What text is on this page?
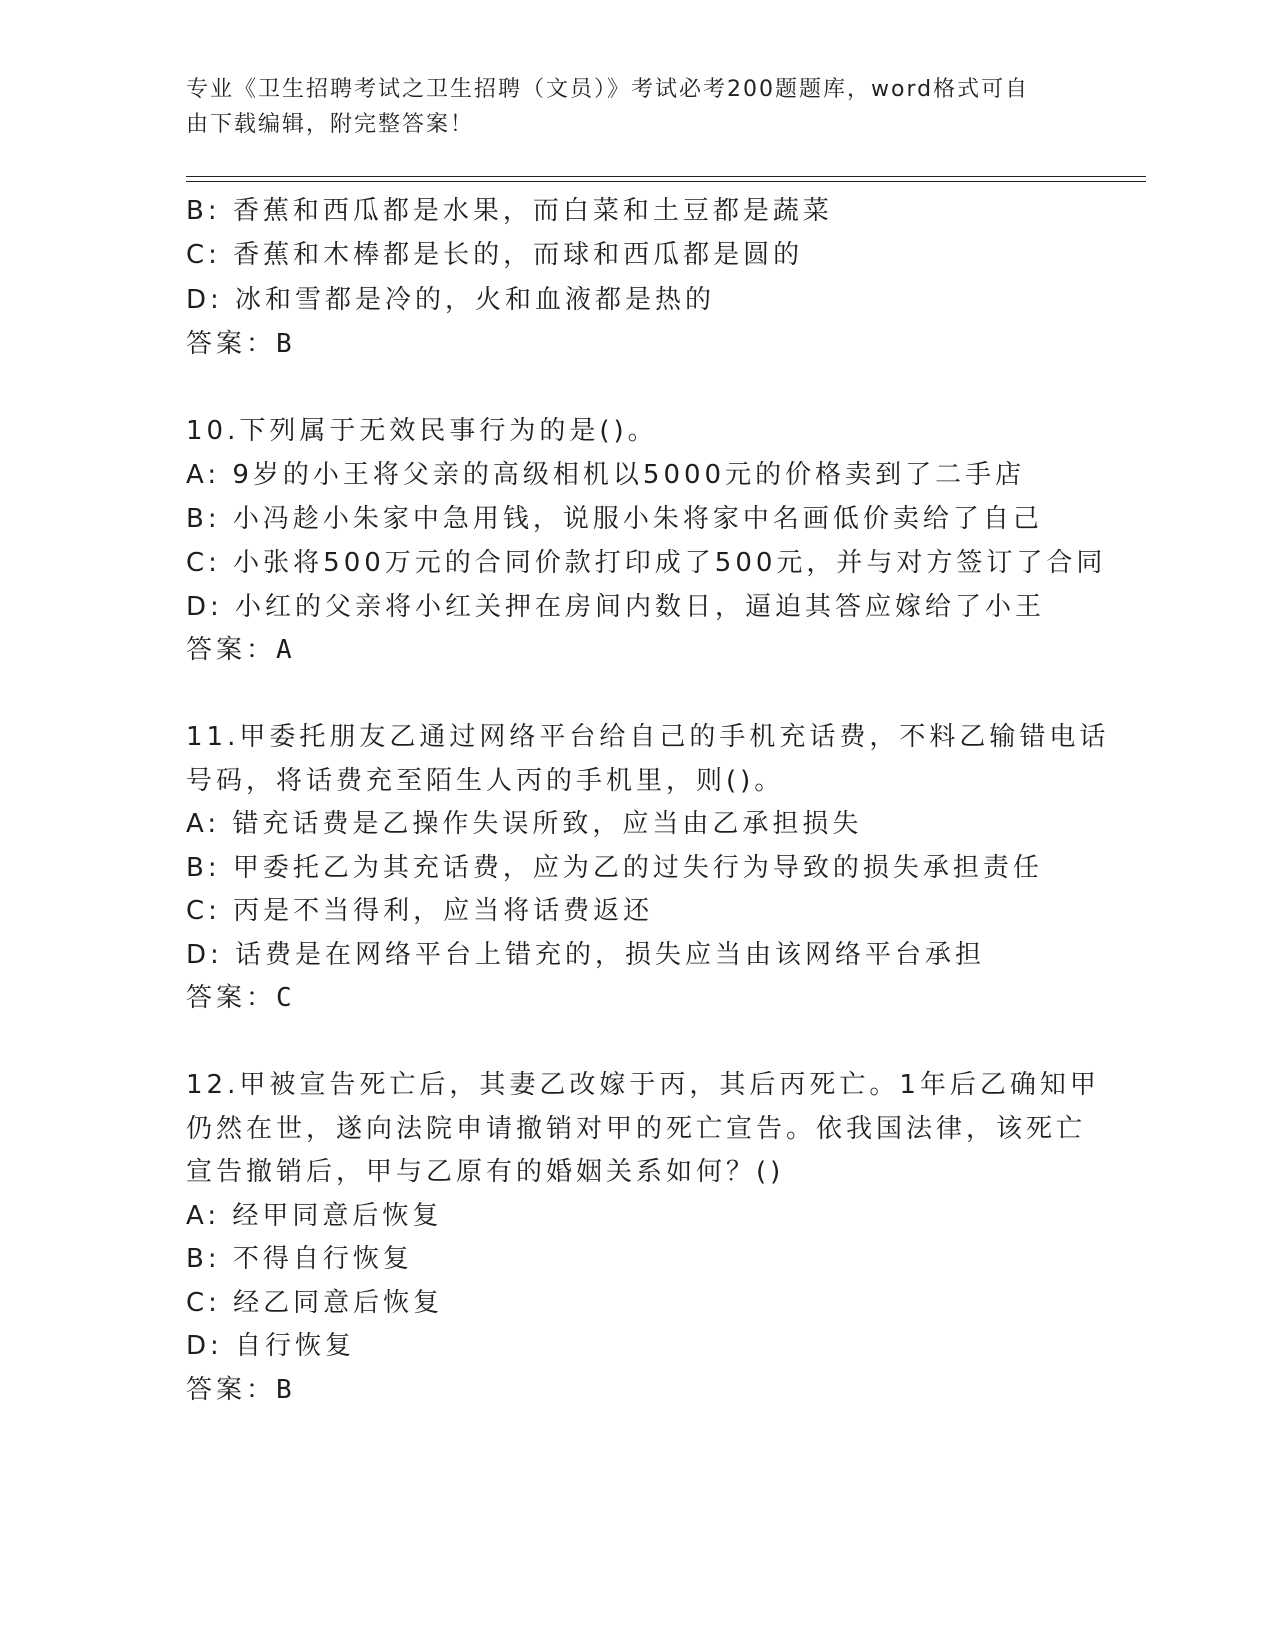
专业《卫生招聘考试之卫生招聘（文员）》考试必考200题题库，word格式可自
由下载编辑，附完整答案！
B: 香蕉和西瓜都是水果，而白菜和土豆都是蔬菜
C: 香蕉和木棒都是长的，而球和西瓜都是圆的
D: 冰和雪都是冷的，火和血液都是热的
答案：B
10.下列属于无效民事行为的是()。
A: 9岁的小王将父亲的高级相机以5000元的价格卖到了二手店
B: 小冯趁小朱家中急用钱，说服小朱将家中名画低价卖给了自己
C: 小张将500万元的合同价款打印成了500元，并与对方签订了合同
D: 小红的父亲将小红关押在房间内数日，逼迫其答应嫁给了小王
答案：A
11.甲委托朋友乙通过网络平台给自己的手机充话费，不料乙输错电话
号码，将话费充至陌生人丙的手机里，则()。
A: 错充话费是乙操作失误所致，应当由乙承担损失
B: 甲委托乙为其充话费，应为乙的过失行为导致的损失承担责任
C: 丙是不当得利，应当将话费返还
D: 话费是在网络平台上错充的，损失应当由该网络平台承担
答案：C
12.甲被宣告死亡后，其妻乙改嫁于丙，其后丙死亡。1年后乙确知甲
仍然在世，遂向法院申请撤销对甲的死亡宣告。依我国法律，该死亡
宣告撤销后，甲与乙原有的婚姻关系如何？()
A: 经甲同意后恢复
B: 不得自行恢复
C: 经乙同意后恢复
D: 自行恢复
答案：B
